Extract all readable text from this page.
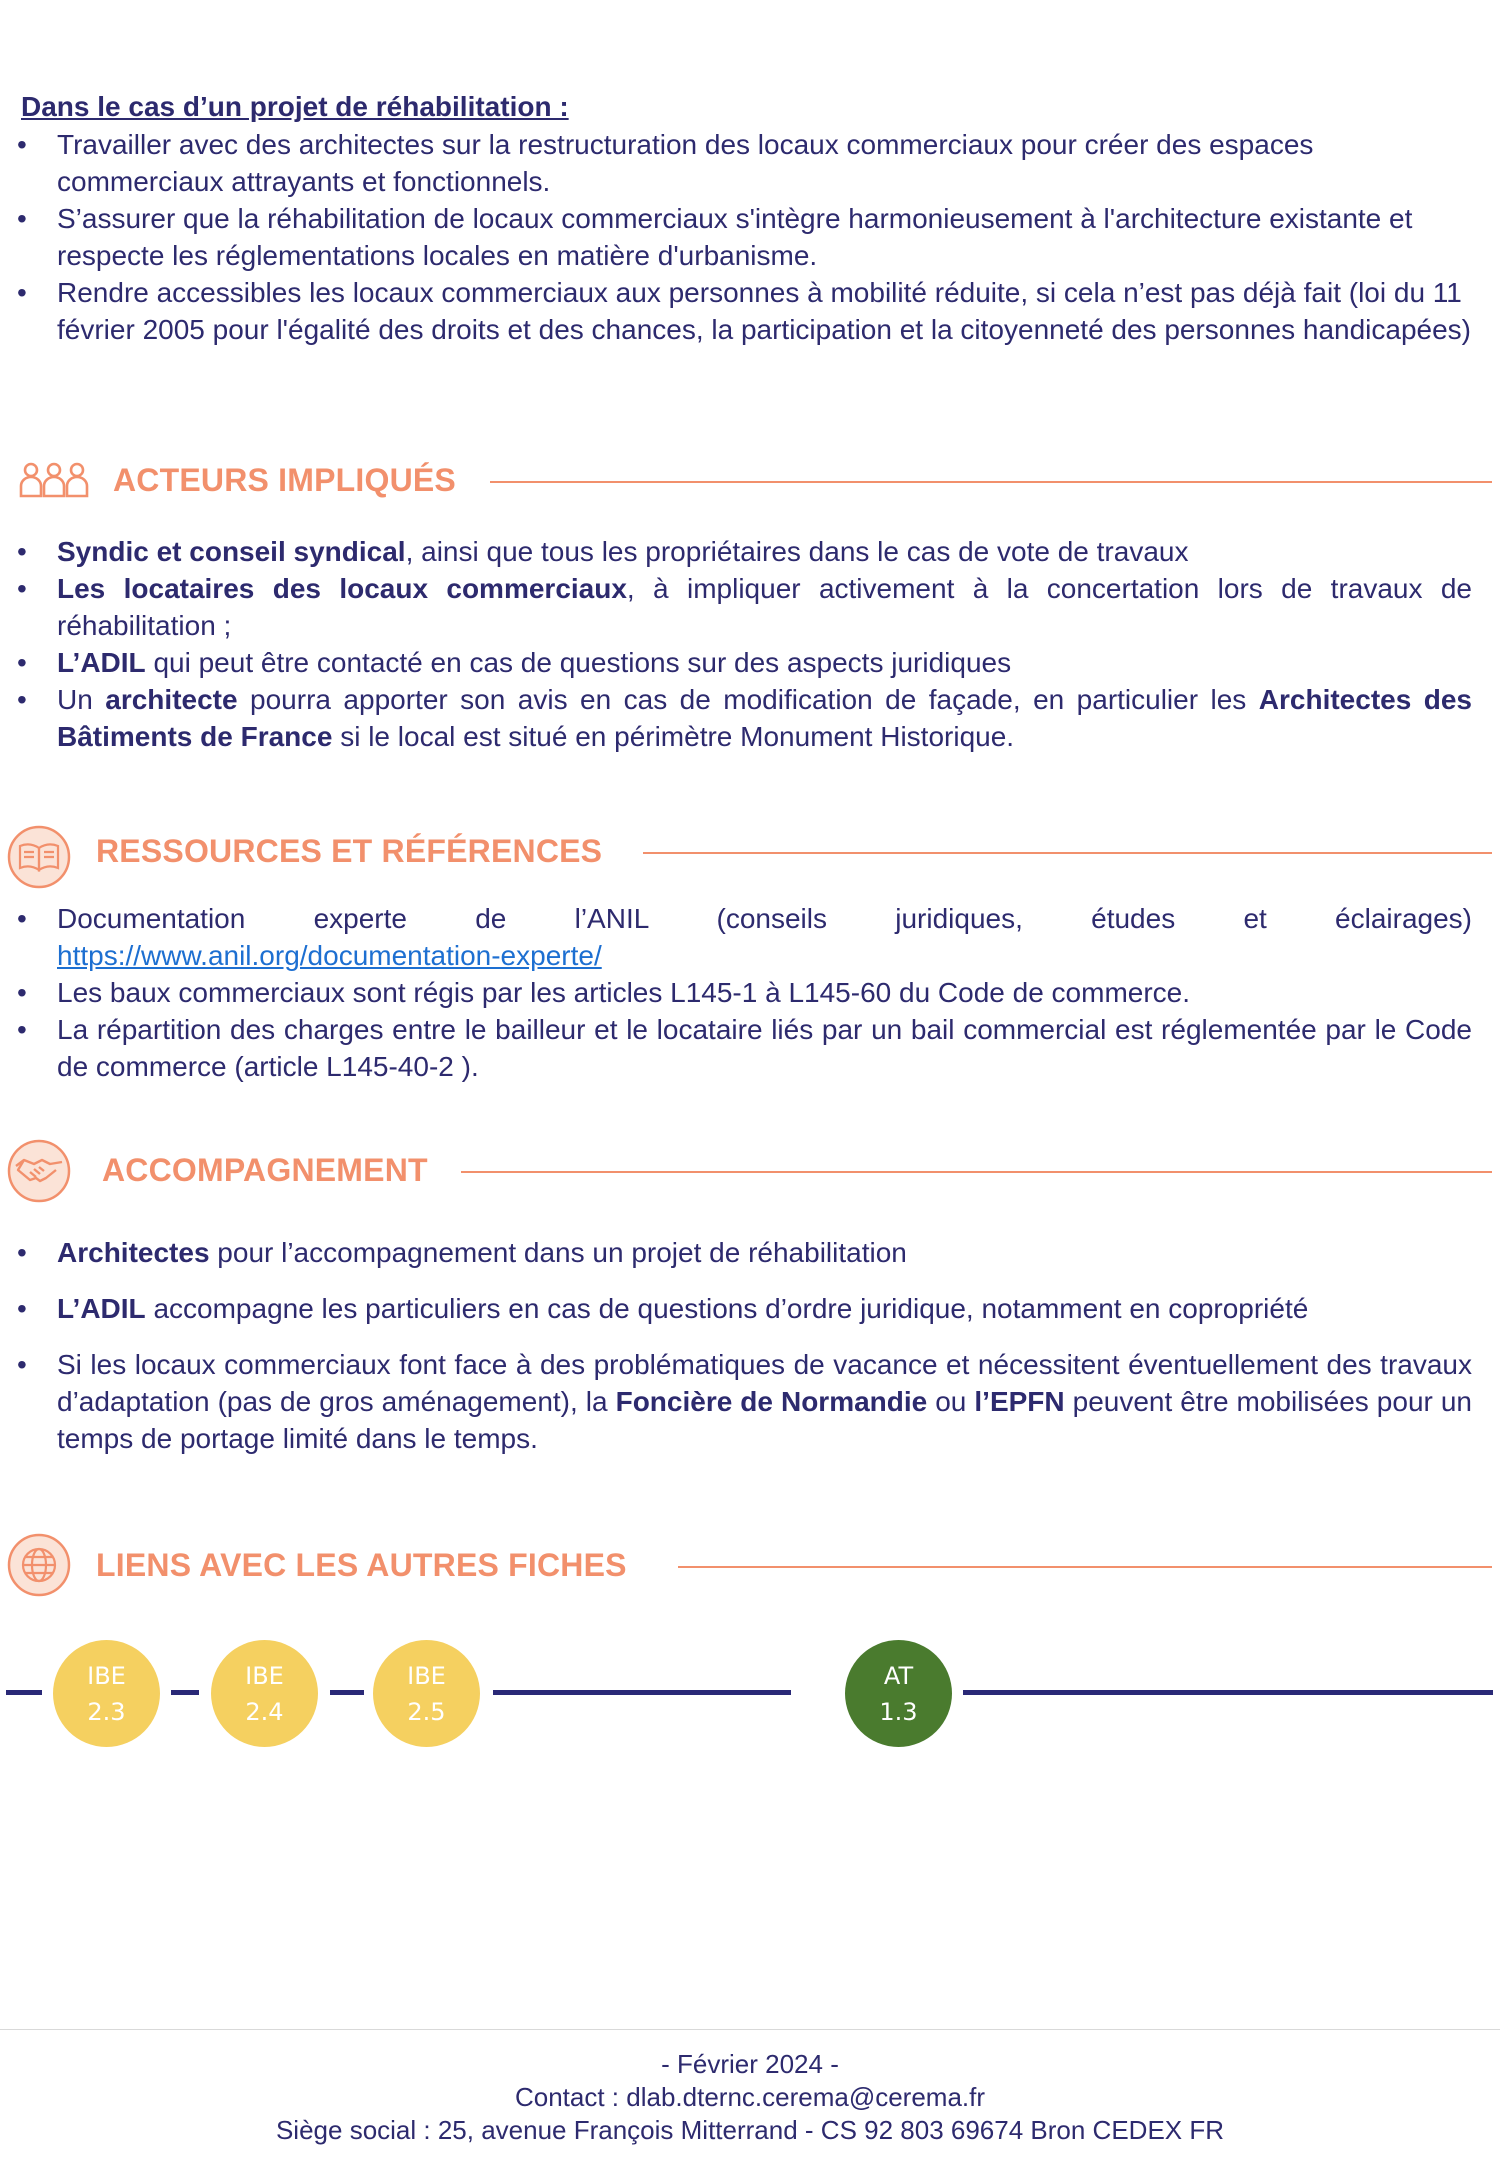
Dans le cas d’un projet de réhabilitation :
• Travailler avec des architectes sur la restructuration des locaux commerciaux pour créer des espaces commerciaux attrayants et fonctionnels.
• S’assurer que la réhabilitation de locaux commerciaux s'intègre harmonieusement à l'architecture existante et respecte les réglementations locales en matière d'urbanisme.
• Rendre accessibles les locaux commerciaux aux personnes à mobilité réduite, si cela n’est pas déjà fait (loi du 11 février 2005 pour l'égalité des droits et des chances, la participation et la citoyenneté des personnes handicapées)
ACTEURS IMPLIQUÉS
• Syndic et conseil syndical, ainsi que tous les propriétaires dans le cas de vote de travaux
• Les locataires des locaux commerciaux, à impliquer activement à la concertation lors de travaux de réhabilitation ;
• L’ADIL qui peut être contacté en cas de questions sur des aspects juridiques
• Un architecte pourra apporter son avis en cas de modification de façade, en particulier les Architectes des Bâtiments de France si le local est situé en périmètre Monument Historique.
RESSOURCES ET RÉFÉRENCES
• Documentation experte de l’ANIL (conseils juridiques, études et éclairages)
https://www.anil.org/documentation-experte/
• Les baux commerciaux sont régis par les articles L145-1 à L145-60 du Code de commerce.
• La répartition des charges entre le bailleur et le locataire liés par un bail commercial est réglementée par le Code de commerce (article L145-40-2 ).
ACCOMPAGNEMENT
• Architectes pour l’accompagnement dans un projet de réhabilitation
• L’ADIL accompagne les particuliers en cas de questions d’ordre juridique, notamment en copropriété
• Si les locaux commerciaux font face à des problématiques de vacance et nécessitent éventuellement des travaux d’adaptation (pas de gros aménagement), la Foncière de Normandie ou l’EPFN peuvent être mobilisées pour un temps de portage limité dans le temps.
LIENS AVEC LES AUTRES FICHES
IBE
2.3
IBE
2.4
IBE
2.5
AT
1.3
- Février 2024 -
Contact : dlab.dternc.cerema@cerema.fr
Siège social : 25, avenue François Mitterrand - CS 92 803 69674 Bron CEDEX FR
